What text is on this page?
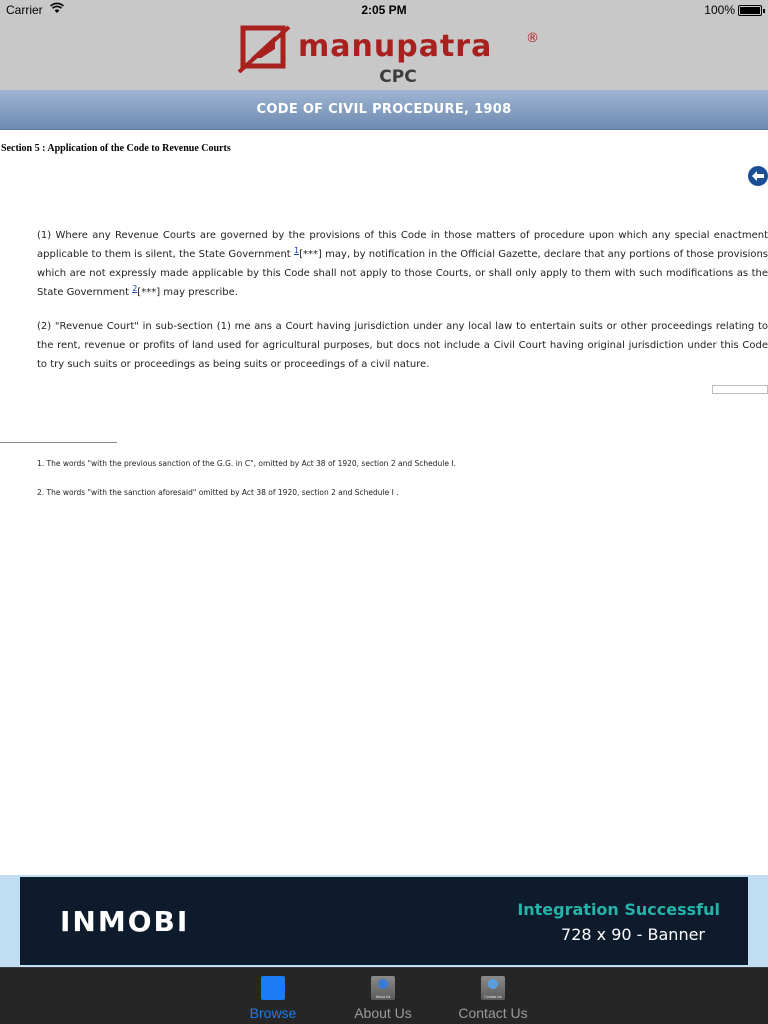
Carrier	2:05 PM	100%
manupatra	®
CPC
CODE OF CIVIL PROCEDURE, 1908
Section 5 : Application of the Code to Revenue Courts
(1) Where any Revenue Courts are governed by the provisions of this Code in those matters of procedure upon which any special enactment applicable to them is silent, the State Government $^1$[***] may, by notification in the Official Gazette, declare that any portions of those provisions which are not expressly made applicable by this Code shall not apply to those Courts, or shall only apply to them with such modifications as the State Government $^2$[***] may prescribe.
(2) "Revenue Court" in sub-section (1) me ans a Court having jurisdiction under any local law to entertain suits or other proceedings relating to the rent, revenue or profits of land used for agricultural purposes, but docs not include a Civil Court having original jurisdiction under this Code to try such suits or proceedings as being suits or proceedings of a civil nature.
1. The words "with the previous sanction of the G.G. in C", omitted by Act 38 of 1920, section 2 and Schedule I.
2. The words "with the sanction aforesaid" omitted by Act 38 of 1920, section 2 and Schedule I .
INMOBI	Integration Successful
728 x 90 - Banner
Browse
About Us
About Us
Contact Us
Contact Us
